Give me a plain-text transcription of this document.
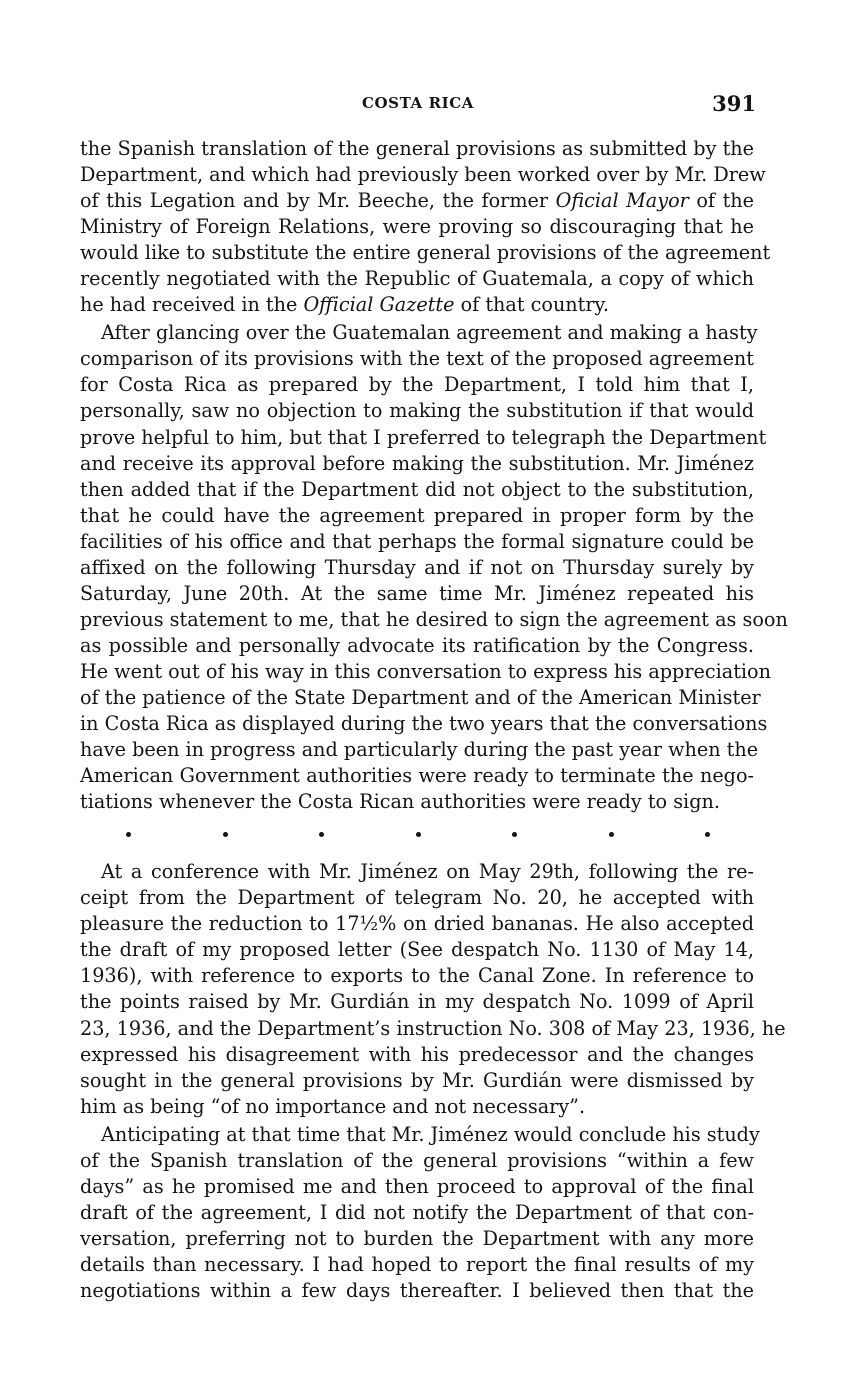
COSTA RICA	391
the Spanish translation of the general provisions as submitted by the
Department, and which had previously been worked over by Mr. Drew
of this Legation and by Mr. Beeche, the former Oficial Mayor of the
Ministry of Foreign Relations, were proving so discouraging that he
would like to substitute the entire general provisions of the agreement
recently negotiated with the Republic of Guatemala, a copy of which
he had received in the Official Gazette of that country.
After glancing over the Guatemalan agreement and making a hasty
comparison of its provisions with the text of the proposed agreement
for Costa Rica as prepared by the Department, I told him that I,
personally, saw no objection to making the substitution if that would
prove helpful to him, but that I preferred to telegraph the Department
and receive its approval before making the substitution. Mr. Jiménez
then added that if the Department did not object to the substitution,
that he could have the agreement prepared in proper form by the
facilities of his office and that perhaps the formal signature could be
affixed on the following Thursday and if not on Thursday surely by
Saturday, June 20th. At the same time Mr. Jiménez repeated his
previous statement to me, that he desired to sign the agreement as soon
as possible and personally advocate its ratification by the Congress.
He went out of his way in this conversation to express his appreciation
of the patience of the State Department and of the American Minister
in Costa Rica as displayed during the two years that the conversations
have been in progress and particularly during the past year when the
American Government authorities were ready to terminate the nego-
tiations whenever the Costa Rican authorities were ready to sign.
At a conference with Mr. Jiménez on May 29th, following the re-
ceipt from the Department of telegram No. 20, he accepted with
pleasure the reduction to 17½% on dried bananas. He also accepted
the draft of my proposed letter (See despatch No. 1130 of May 14,
1936), with reference to exports to the Canal Zone. In reference to
the points raised by Mr. Gurdián in my despatch No. 1099 of April
23, 1936, and the Department’s instruction No. 308 of May 23, 1936, he
expressed his disagreement with his predecessor and the changes
sought in the general provisions by Mr. Gurdián were dismissed by
him as being “of no importance and not necessary”.
Anticipating at that time that Mr. Jiménez would conclude his study
of the Spanish translation of the general provisions “within a few
days” as he promised me and then proceed to approval of the final
draft of the agreement, I did not notify the Department of that con-
versation, preferring not to burden the Department with any more
details than necessary. I had hoped to report the final results of my
negotiations within a few days thereafter. I believed then that the
